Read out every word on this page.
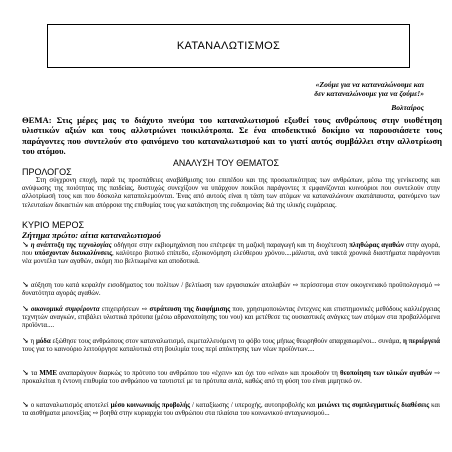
ΚΑΤΑΝΑΛΩΤΙΣΜΟΣ
«Ζούμε για να καταναλώνουμε και
δεν καταναλώνουμε για να ζούμε!»
Βολταίρος
ΘΕΜΑ: Στις μέρες μας το διάχυτο πνεύμα του καταναλωτισμού εξωθεί τους ανθρώπους στην υιοθέτηση υλιστικών αξιών και τους αλλοτριώνει ποικιλότροπα. Σε ένα αποδεικτικό δοκίμιο να παρουσιάσετε τους παράγοντες που συντελούν στο φαινόμενο του καταναλωτισμού και το γιατί αυτός συμβάλλει στην αλλοτρίωση του ατόμου.
ΑΝΑΛΥΣΗ ΤΟΥ ΘΕΜΑΤΟΣ
ΠΡΟΛΟΓΟΣ
Στη σύγχρονη εποχή, παρά τις προσπάθειες αναβάθμισης του επιπέδου και της προσωπικότητας των ανθρώπων, μέσω της γενίκευσης και ανύψωσης της ποιότητας της παιδείας, δυστυχώς συνεχίζουν να υπάρχουν ποικίλοι παράγοντες π εμφανίζονται κυινούριοι που συντελούν στην αλλοτρίωσή τους και που δύσκολα καταπολεμούνται. Ένας από αυτούς είναι η τάση των ατόμων να καταναλώνουν ακατάπαυστα, φαινόμενο των τελευταίων δεκαετιών και απόρροια της επιθυμίας τους για κατάκτηση της ευδαιμονίας διά της υλικής ευμάρειας.
ΚΥΡΙΟ ΜΕΡΟΣ
Ζήτημα πρώτο: αίτια καταναλωτισμού
↘ η ανάπτυξη της τεχνολογίας οδήγησε στην εκβιομηχάνιση που επέτρεψε τη μαζική παραγωγή και τη διοχέτευση πληθώρας αγαθών στην αγορά, που υπόσχονταν διευκολύνσεις, καλύτερο βιοτικό επίπεδο, εξοικονόμηση ελεύθερου χρόνου....μάλιστα, ανά τακτά χρονικά διαστήματα παράγονται νέα μοντέλα των αγαθών, ακόμη πιο βελτιωμένα και αποδοτικά.
↘ αύξηση του κατά κεφαλήν εισοδήματος του πολίτων / βελτίωση των εργασιακών απολαβών ⇨ περίσσευμα στον οικογενειακό προϋπολογισμό ⇨ δυνατότητα αγοράς αγαθών.
↘ οικονομικά συμφέροντα επιχειρήσεων ⇨ στράτευση της διαφήμισης που, χρησιμοποιώντας έντεχνες και επιστημονικές μεθόδους καλλιέργειας τεχνητών αναγκών, επιβάλει υλιστικά πρότυπα (μέσω αδρανοποίησης του νου) και μετέθεσε τις ουσιαστικές ανάγκες των ατόμων στα προβαλλόμενα προϊόντα....
↘ η μόδα εξώθησε τους ανθρώπους στον καταναλωτισμό, εκμεταλλευόμενη το φόβο τους μήπως θεωρηθούν απαρχαιωμένοι... συνάμα, η περιέργειά τους για το καινούριο λειτούργησε καταλυτικά στη βουλιμία τους περί απόκτησης των νέων προϊόντων....
↘ τα ΜΜΕ αναπαράγουν διαρκώς το πρότυπο του ανθρώπου του «έχειν» και όχι του «είναι» και προωθούν τη θεοποίηση των υλικών αγαθών ⇨ προκαλείται η έντονη επιθυμία του ανθρώπου να ταυτιστεί με τα πρότυπα αυτά, καθώς από τη φύση του είναι μιμητικό ον.
↘ ο καταναλωτισμός αποτελεί μέσο κοινωνικής προβολής / καταξίωσης / υπεροχής, αυτοπροβολής και μειώνει τις συμπλεγματικές διαθέσεις και τα αισθήματα μειονεξίας ⇨ βοηθά στην κυριαρχία του ανθρώπου στα πλαίσια του κοινωνικού ανταγωνισμού...
